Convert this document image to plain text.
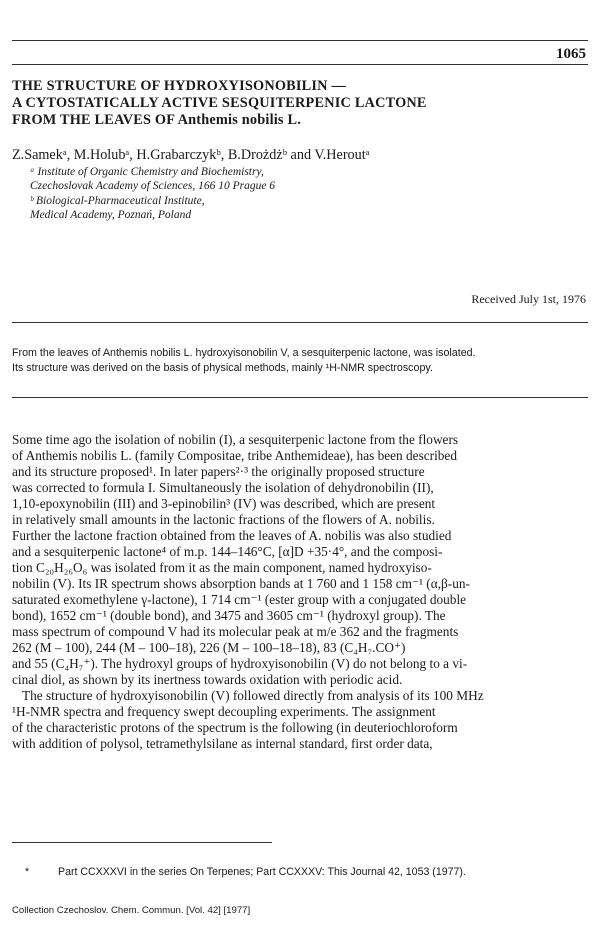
1065
THE STRUCTURE OF HYDROXYISONOBILIN —
A CYTOSTATICALLY ACTIVE SESQUITERPENIC LACTONE
FROM THE LEAVES OF Anthemis nobilis L.
Z.Samekᵃ, M.Holubᵃ, H.Grabarczykᵇ, B.Drożdżᵇ and V.Heroutᵃ
ᵃ Institute of Organic Chemistry and Biochemistry,
Czechoslovak Academy of Sciences, 166 10 Prague 6
ᵇ Biological-Pharmaceutical Institute,
Medical Academy, Poznań, Poland
Received July 1st, 1976
From the leaves of Anthemis nobilis L. hydroxyisonobilin V, a sesquiterpenic lactone, was isolated.
Its structure was derived on the basis of physical methods, mainly ¹H-NMR spectroscopy.
Some time ago the isolation of nobilin (I), a sesquiterpenic lactone from the flowers
of Anthemis nobilis L. (family Compositae, tribe Anthemideae), has been described
and its structure proposed¹. In later papers²·³ the originally proposed structure
was corrected to formula I. Simultaneously the isolation of dehydronobilin (II),
1,10-epoxynobilin (III) and 3-epinobilin³ (IV) was described, which are present
in relatively small amounts in the lactonic fractions of the flowers of A. nobilis.
Further the lactone fraction obtained from the leaves of A. nobilis was also studied
and a sesquiterpenic lactone⁴ of m.p. 144–146°C, [α]D +35·4°, and the composi-
tion C₂₀H₂₆O₆ was isolated from it as the main component, named hydroxyiso-
nobilin (V). Its IR spectrum shows absorption bands at 1 760 and 1 158 cm⁻¹ (α,β-un-
saturated exomethylene γ-lactone), 1 714 cm⁻¹ (ester group with a conjugated double
bond), 1652 cm⁻¹ (double bond), and 3475 and 3605 cm⁻¹ (hydroxyl group). The
mass spectrum of compound V had its molecular peak at m/e 362 and the fragments
262 (M – 100), 244 (M – 100–18), 226 (M – 100–18–18), 83 (C₄H₇.CO⁺)
and 55 (C₄H₇⁺). The hydroxyl groups of hydroxyisonobilin (V) do not belong to a vi-
cinal diol, as shown by its inertness towards oxidation with periodic acid.
The structure of hydroxyisonobilin (V) followed directly from analysis of its 100 MHz
¹H-NMR spectra and frequency swept decoupling experiments. The assignment
of the characteristic protons of the spectrum is the following (in deuteriochloroform
with addition of polysol, tetramethylsilane as internal standard, first order data,
*	Part CCXXXVI in the series On Terpenes; Part CCXXXV: This Journal 42, 1053 (1977).
Collection Czechoslov. Chem. Commun. [Vol. 42] [1977]
